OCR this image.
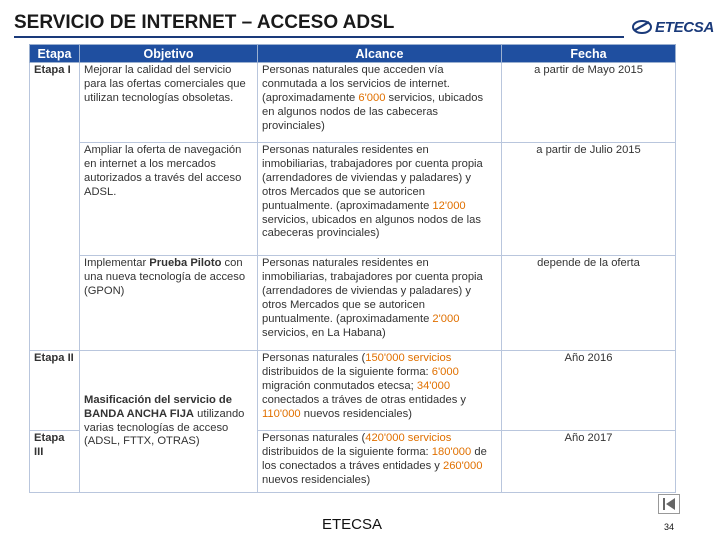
SERVICIO DE INTERNET – ACCESO ADSL	ETECSA
Etapa	Objetivo	Alcance	Fecha
Etapa I	Mejorar la calidad del servicio para las ofertas comerciales que utilizan tecnologías obsoletas.	Personas naturales que acceden vía conmutada a los servicios de internet. (aproximadamente 6'000 servicios, ubicados en algunos nodos de las cabeceras provinciales)	a partir de Mayo 2015
	Ampliar la oferta de navegación en internet a los mercados autorizados a través del acceso ADSL.	Personas naturales residentes en inmobiliarias, trabajadores por cuenta propia (arrendadores de viviendas y paladares) y otros Mercados que se autoricen puntualmente. (aproximadamente 12'000 servicios, ubicados en algunos nodos de las cabeceras provinciales)	a partir de Julio 2015
	Implementar Prueba Piloto con una nueva tecnología de acceso (GPON)	Personas naturales residentes en inmobiliarias, trabajadores por cuenta propia (arrendadores de viviendas y paladares) y otros Mercados que se autoricen puntualmente. (aproximadamente 2'000 servicios, en La Habana)	depende de la oferta
Etapa II	Masificación del servicio de BANDA ANCHA FIJA utilizando varias tecnologías de acceso (ADSL, FTTX, OTRAS)	Personas naturales (150'000 servicios distribuidos de la siguiente forma: 6'000 migración conmutados etecsa; 34'000 conectados a tráves de otras entidades y 110'000 nuevos residenciales)	Año 2016
Etapa III		Personas naturales (420'000 servicios distribuidos de la siguiente forma: 180'000 de los conectados a tráves entidades y 260'000 nuevos residenciales)	Año 2017
ETECSA	34
